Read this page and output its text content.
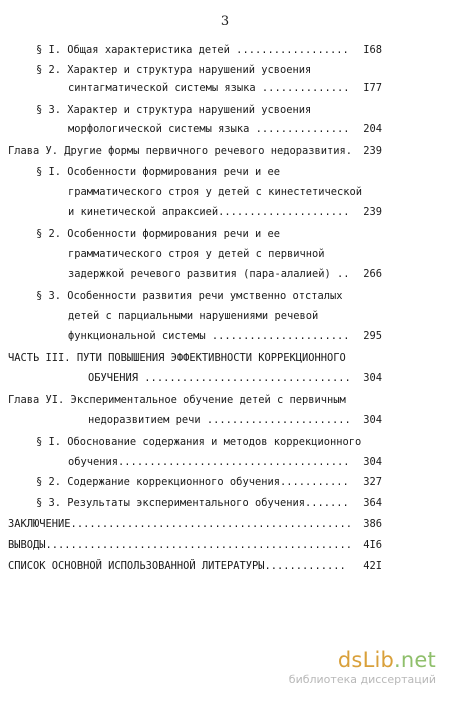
3
§ I. Общая характеристика детей .................. I68
§ 2. Характер и структура нарушений усвоения
синтагматической системы языка .............. I77
§ 3. Характер и структура нарушений усвоения
морфологической системы языка ............... 204
Глава У. Другие формы первичного речевого недоразвития. 239
§ I. Особенности формирования речи и ее
грамматического строя у детей с кинестетической
и кинетической апраксией..................... 239
§ 2. Особенности формирования речи и ее
грамматического строя у детей с первичной
задержкой речевого развития (пара-алалией) .. 266
§ 3. Особенности развития речи умственно отсталых
детей с парциальными нарушениями речевой
функциональной системы ...................... 295
ЧАСТЬ III. ПУТИ ПОВЫШЕНИЯ ЭФФЕКТИВНОСТИ КОРРЕКЦИОННОГО
ОБУЧЕНИЯ ................................. 304
Глава УI. Экспериментальное обучение детей с первичным
недоразвитием речи ....................... 304
§ I. Обоснование содержания и методов коррекционного
обучения..................................... 304
§ 2. Содержание коррекционного обучения........... 327
§ 3. Результаты экспериментального обучения....... 364
ЗАКЛЮЧЕНИЕ............................................. 386
ВЫВОДЫ................................................. 4I6
СПИСОК ОСНОВНОЙ ИСПОЛЬЗОВАННОЙ ЛИТЕРАТУРЫ............. 42I
dsLib.net
библиотека диссертаций
